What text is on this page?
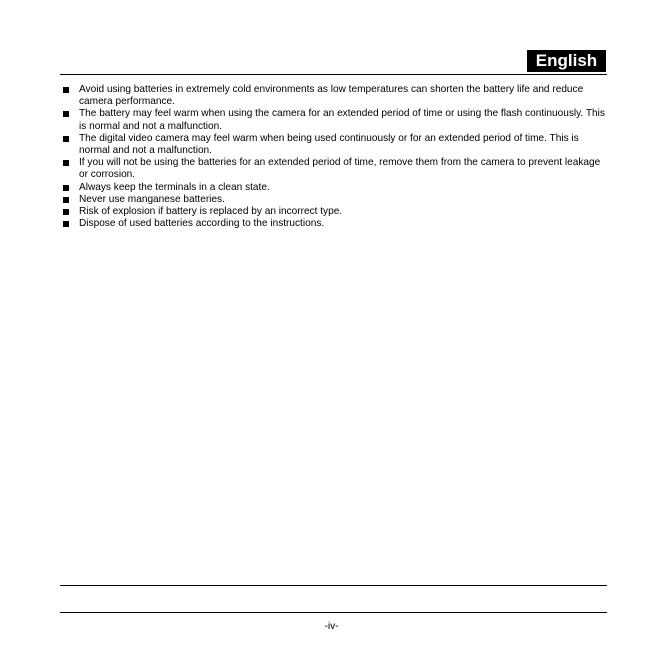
English
Avoid using batteries in extremely cold environments as low temperatures can shorten the battery life and reduce camera performance.
The battery may feel warm when using the camera for an extended period of time or using the flash continuously. This is normal and not a malfunction.
The digital video camera may feel warm when being used continuously or for an extended period of time. This is normal and not a malfunction.
If you will not be using the batteries for an extended period of time, remove them from the camera to prevent leakage or corrosion.
Always keep the terminals in a clean state.
Never use manganese batteries.
Risk of explosion if battery is replaced by an incorrect type.
Dispose of used batteries according to the instructions.
-iv-
